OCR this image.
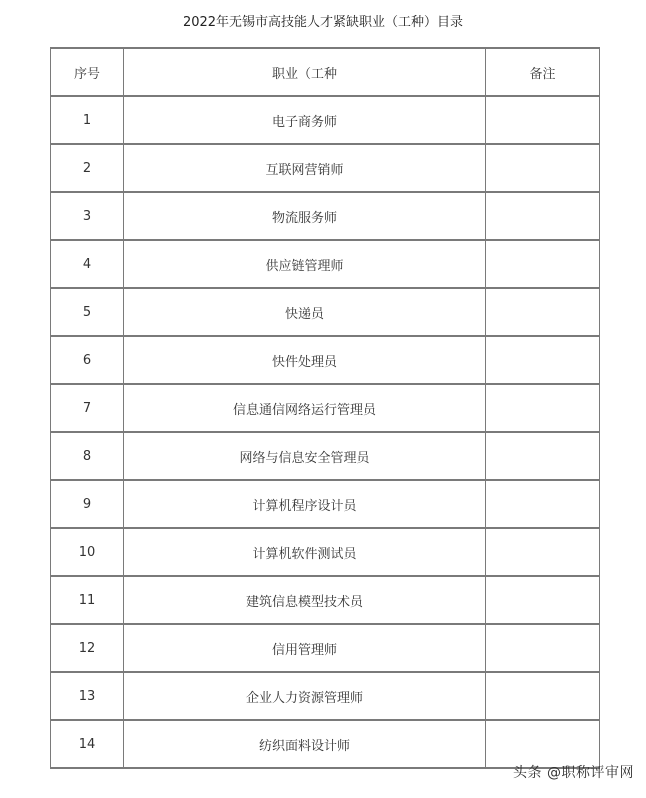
2022年无锡市高技能人才紧缺职业（工种）目录
序号	职业（工种	备注
1	电子商务师	
2	互联网营销师	
3	物流服务师	
4	供应链管理师	
5	快递员	
6	快件处理员	
7	信息通信网络运行管理员	
8	网络与信息安全管理员	
9	计算机程序设计员	
10	计算机软件测试员	
11	建筑信息模型技术员	
12	信用管理师	
13	企业人力资源管理师	
14	纺织面料设计师	
头条 @职称评审网
